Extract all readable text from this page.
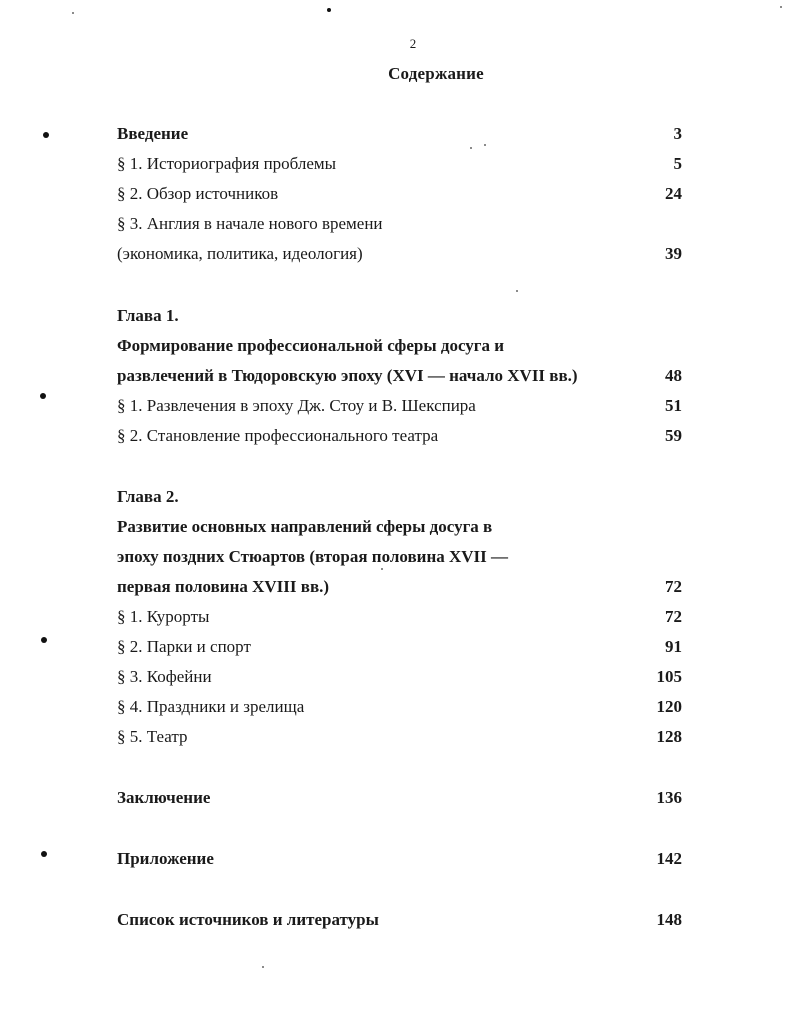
2
Содержание
Введение	3
§ 1. Историография проблемы	5
§ 2. Обзор источников	24
§ 3. Англия в начале нового времени
(экономика, политика, идеология)	39
Глава 1.
Формирование профессиональной сферы досуга и
развлечений в Тюдоровскую эпоху (XVI — начало XVII вв.)	48
§ 1. Развлечения в эпоху Дж. Стоу и В. Шекспира	51
§ 2. Становление профессионального театра	59
Глава 2.
Развитие основных направлений сферы досуга в
эпоху поздних Стюартов (вторая половина XVII —
первая половина XVIII вв.)	72
§ 1. Курорты	72
§ 2. Парки и спорт	91
§ 3. Кофейни	105
§ 4. Праздники и зрелища	120
§ 5. Театр	128
Заключение	136
Приложение	142
Список источников и литературы	148
